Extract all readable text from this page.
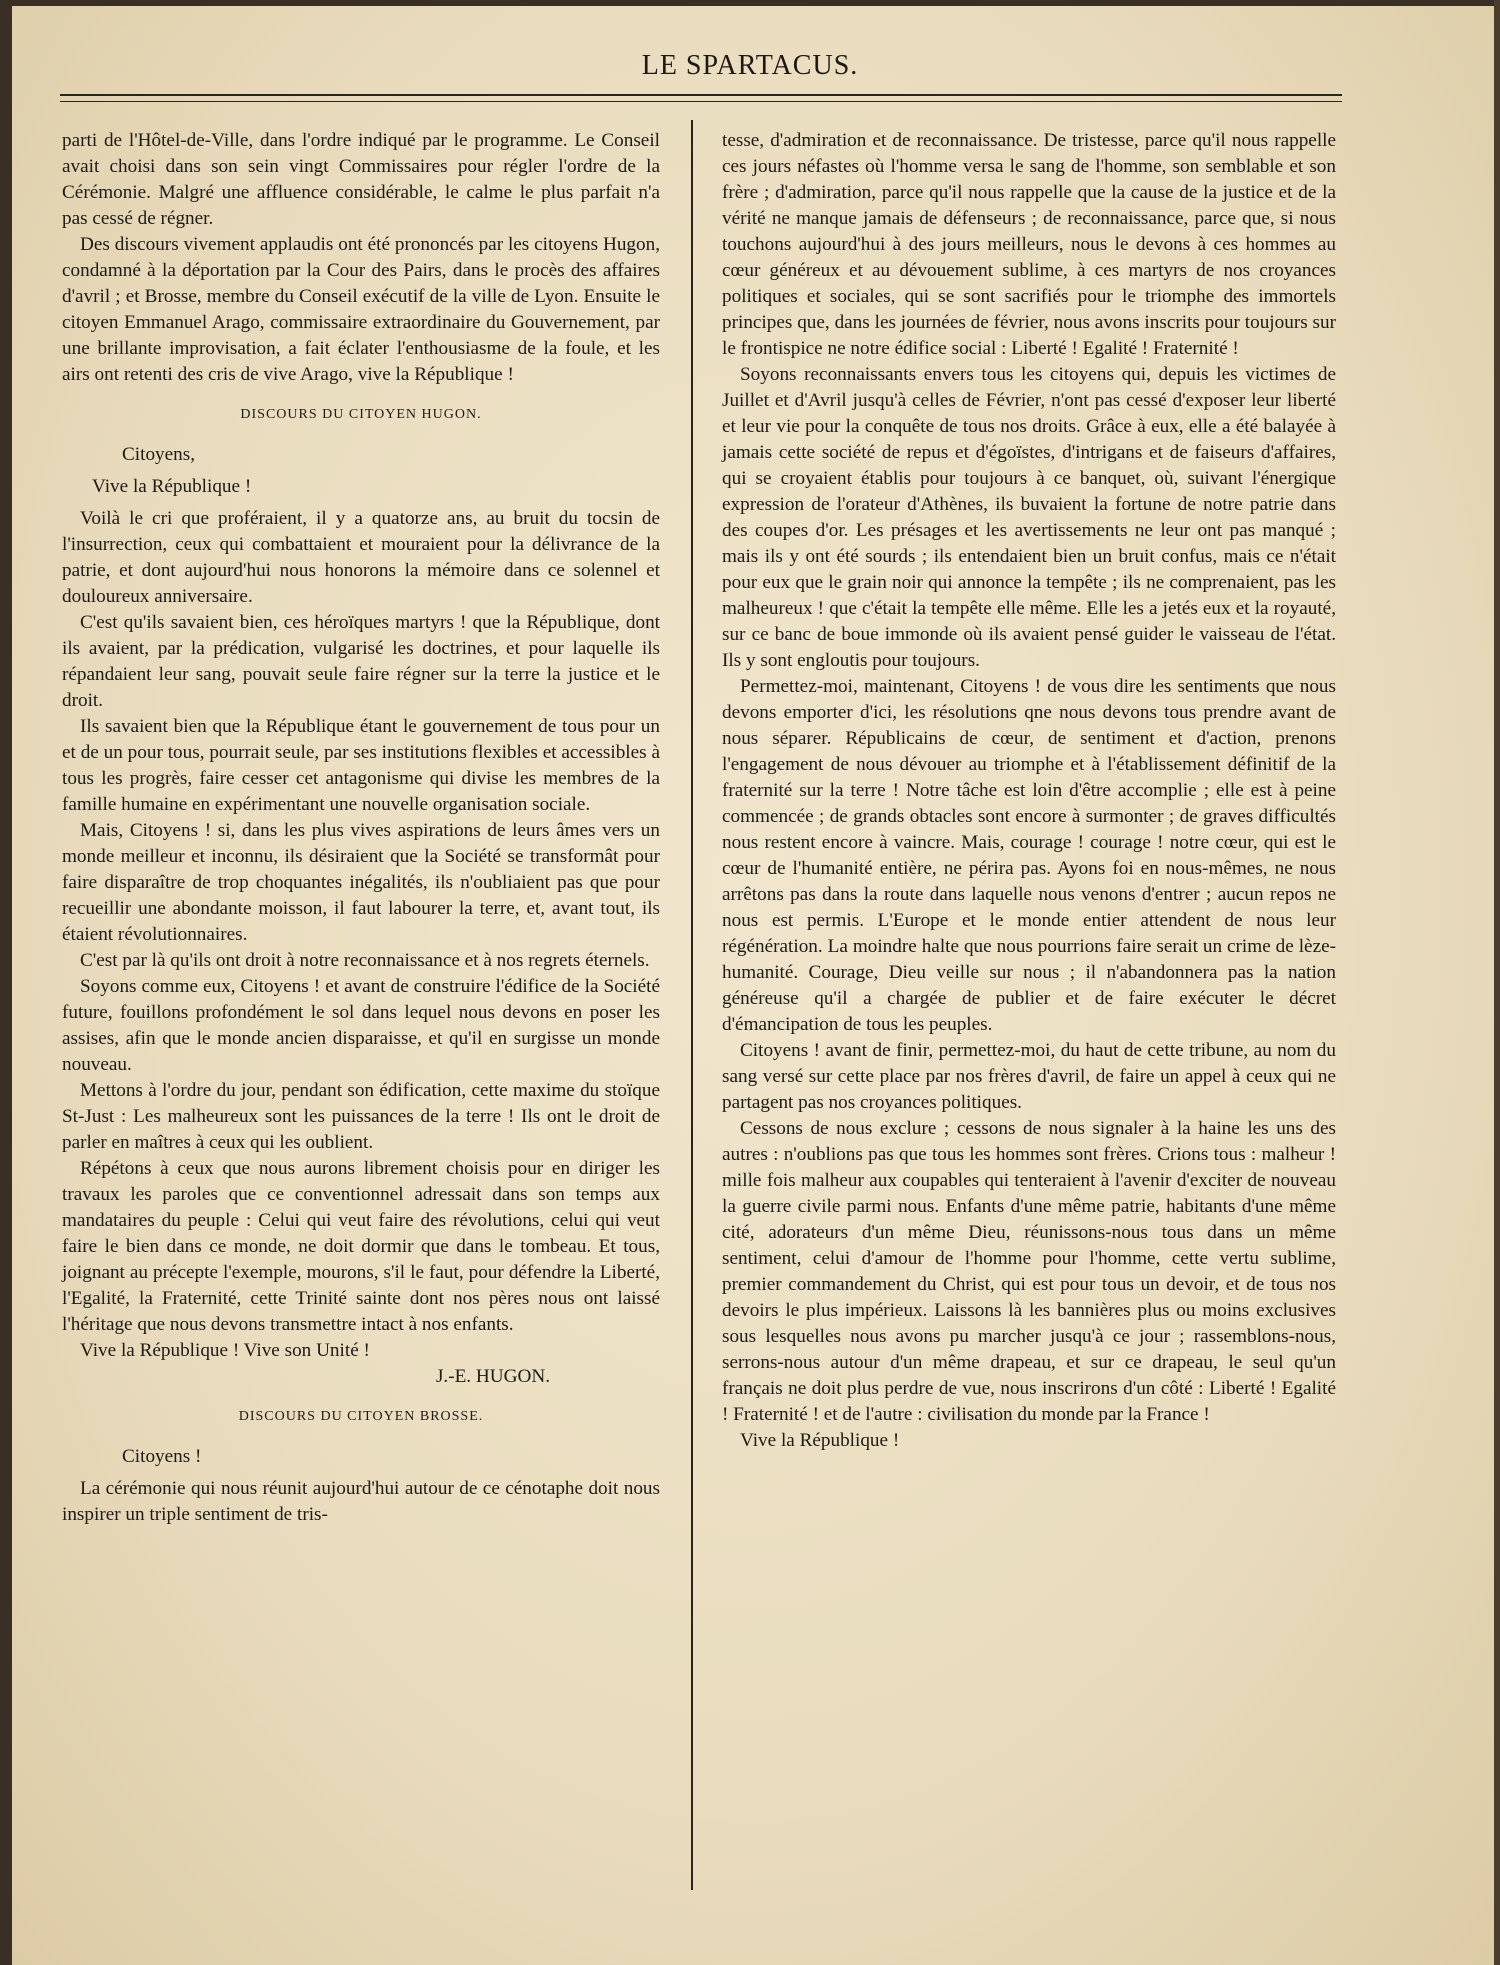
LE SPARTACUS.

parti de l'Hôtel-de-Ville, dans l'ordre indiqué par le programme. Le Conseil avait choisi dans son sein vingt Commissaires pour régler l'ordre de la Cérémonie. Malgré une affluence considérable, le calme le plus parfait n'a pas cessé de régner.

Des discours vivement applaudis ont été prononcés par les citoyens Hugon, condamné à la déportation par la Cour des Pairs, dans le procès des affaires d'avril ; et Brosse, membre du Conseil exécutif de la ville de Lyon. Ensuite le citoyen Emmanuel Arago, commissaire extraordinaire du Gouvernement, par une brillante improvisation, a fait éclater l'enthousiasme de la foule, et les airs ont retenti des cris de vive Arago, vive la République !

DISCOURS DU CITOYEN HUGON.

Citoyens,

Vive la République !

Voilà le cri que proféraient, il y a quatorze ans, au bruit du tocsin de l'insurrection, ceux qui combattaient et mouraient pour la délivrance de la patrie, et dont aujourd'hui nous honorons la mémoire dans ce solennel et douloureux anniversaire.

C'est qu'ils savaient bien, ces héroïques martyrs ! que la République, dont ils avaient, par la prédication, vulgarisé les doctrines, et pour laquelle ils répandaient leur sang, pouvait seule faire régner sur la terre la justice et le droit.

Ils savaient bien que la République étant le gouvernement de tous pour un et de un pour tous, pourrait seule, par ses institutions flexibles et accessibles à tous les progrès, faire cesser cet antagonisme qui divise les membres de la famille humaine en expérimentant une nouvelle organisation sociale.

Mais, Citoyens ! si, dans les plus vives aspirations de leurs âmes vers un monde meilleur et inconnu, ils désiraient que la Société se transformât pour faire disparaître de trop choquantes inégalités, ils n'oubliaient pas que pour recueillir une abondante moisson, il faut labourer la terre, et, avant tout, ils étaient révolutionnaires.

C'est par là qu'ils ont droit à notre reconnaissance et à nos regrets éternels.

Soyons comme eux, Citoyens ! et avant de construire l'édifice de la Société future, fouillons profondément le sol dans lequel nous devons en poser les assises, afin que le monde ancien disparaisse, et qu'il en surgisse un monde nouveau.

Mettons à l'ordre du jour, pendant son édification, cette maxime du stoïque St-Just : Les malheureux sont les puissances de la terre ! Ils ont le droit de parler en maîtres à ceux qui les oublient.

Répétons à ceux que nous aurons librement choisis pour en diriger les travaux les paroles que ce conventionnel adressait dans son temps aux mandataires du peuple : Celui qui veut faire des révolutions, celui qui veut faire le bien dans ce monde, ne doit dormir que dans le tombeau. Et tous, joignant au précepte l'exemple, mourons, s'il le faut, pour défendre la Liberté, l'Egalité, la Fraternité, cette Trinité sainte dont nos pères nous ont laissé l'héritage que nous devons transmettre intact à nos enfants.

Vive la République ! Vive son Unité !

J.-E. HUGON.

DISCOURS DU CITOYEN BROSSE.

Citoyens !

La cérémonie qui nous réunit aujourd'hui autour de ce cénotaphe doit nous inspirer un triple sentiment de tris-

tesse, d'admiration et de reconnaissance. De tristesse, parce qu'il nous rappelle ces jours néfastes où l'homme versa le sang de l'homme, son semblable et son frère ; d'admiration, parce qu'il nous rappelle que la cause de la justice et de la vérité ne manque jamais de défenseurs ; de reconnaissance, parce que, si nous touchons aujourd'hui à des jours meilleurs, nous le devons à ces hommes au cœur généreux et au dévouement sublime, à ces martyrs de nos croyances politiques et sociales, qui se sont sacrifiés pour le triomphe des immortels principes que, dans les journées de février, nous avons inscrits pour toujours sur le frontispice ne notre édifice social : Liberté ! Egalité ! Fraternité !

Soyons reconnaissants envers tous les citoyens qui, depuis les victimes de Juillet et d'Avril jusqu'à celles de Février, n'ont pas cessé d'exposer leur liberté et leur vie pour la conquête de tous nos droits. Grâce à eux, elle a été balayée à jamais cette société de repus et d'égoïstes, d'intrigans et de faiseurs d'affaires, qui se croyaient établis pour toujours à ce banquet, où, suivant l'énergique expression de l'orateur d'Athènes, ils buvaient la fortune de notre patrie dans des coupes d'or. Les présages et les avertissements ne leur ont pas manqué ; mais ils y ont été sourds ; ils entendaient bien un bruit confus, mais ce n'était pour eux que le grain noir qui annonce la tempête ; ils ne comprenaient, pas les malheureux ! que c'était la tempête elle même. Elle les a jetés eux et la royauté, sur ce banc de boue immonde où ils avaient pensé guider le vaisseau de l'état. Ils y sont engloutis pour toujours.

Permettez-moi, maintenant, Citoyens ! de vous dire les sentiments que nous devons emporter d'ici, les résolutions qne nous devons tous prendre avant de nous séparer. Républicains de cœur, de sentiment et d'action, prenons l'engagement de nous dévouer au triomphe et à l'établissement définitif de la fraternité sur la terre ! Notre tâche est loin d'être accomplie ; elle est à peine commencée ; de grands obtacles sont encore à surmonter ; de graves difficultés nous restent encore à vaincre. Mais, courage ! courage ! notre cœur, qui est le cœur de l'humanité entière, ne périra pas. Ayons foi en nous-mêmes, ne nous arrêtons pas dans la route dans laquelle nous venons d'entrer ; aucun repos ne nous est permis. L'Europe et le monde entier attendent de nous leur régénération. La moindre halte que nous pourrions faire serait un crime de lèze-humanité. Courage, Dieu veille sur nous ; il n'abandonnera pas la nation généreuse qu'il a chargée de publier et de faire exécuter le décret d'émancipation de tous les peuples.

Citoyens ! avant de finir, permettez-moi, du haut de cette tribune, au nom du sang versé sur cette place par nos frères d'avril, de faire un appel à ceux qui ne partagent pas nos croyances politiques.

Cessons de nous exclure ; cessons de nous signaler à la haine les uns des autres : n'oublions pas que tous les hommes sont frères. Crions tous : malheur ! mille fois malheur aux coupables qui tenteraient à l'avenir d'exciter de nouveau la guerre civile parmi nous. Enfants d'une même patrie, habitants d'une même cité, adorateurs d'un même Dieu, réunissons-nous tous dans un même sentiment, celui d'amour de l'homme pour l'homme, cette vertu sublime, premier commandement du Christ, qui est pour tous un devoir, et de tous nos devoirs le plus impérieux. Laissons là les bannières plus ou moins exclusives sous lesquelles nous avons pu marcher jusqu'à ce jour ; rassemblons-nous, serrons-nous autour d'un même drapeau, et sur ce drapeau, le seul qu'un français ne doit plus perdre de vue, nous inscrirons d'un côté : Liberté ! Egalité ! Fraternité ! et de l'autre : civilisation du monde par la France !

Vive la République !
